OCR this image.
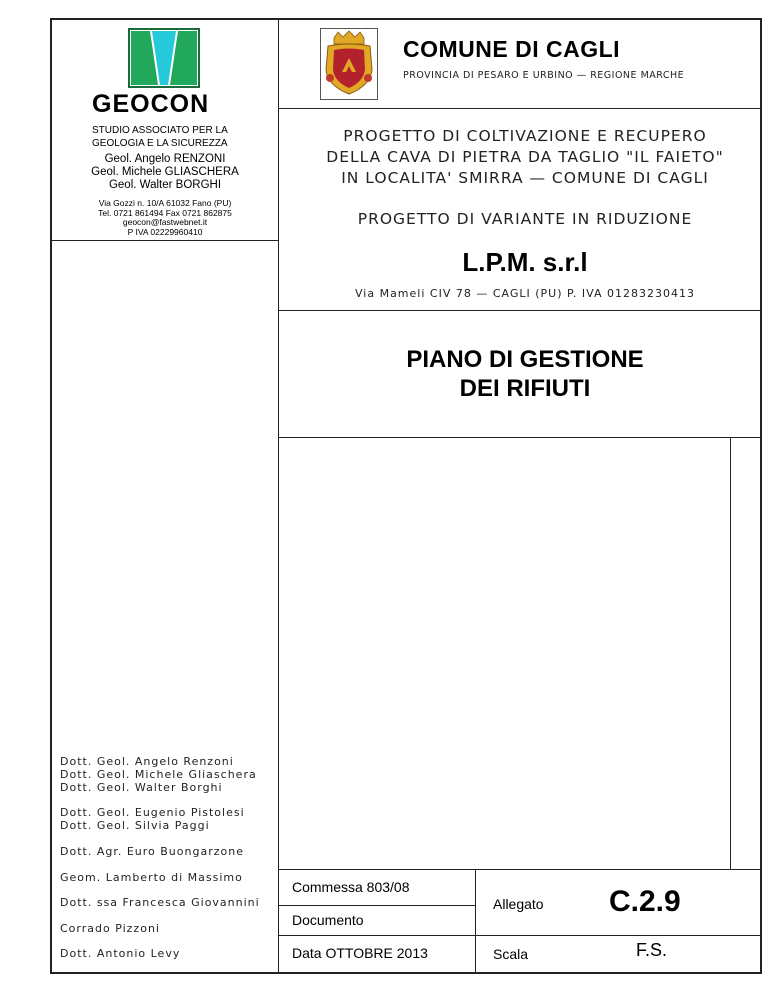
GEOCON
STUDIO ASSOCIATO PER LA
GEOLOGIA E LA SICUREZZA
Geol. Angelo RENZONI
Geol. Michele GLIASCHERA
Geol. Walter BORGHI
Via Gozzi n. 10/A 61032 Fano (PU)
Tel. 0721 861494 Fax 0721 862875
geocon@fastwebnet.it
P IVA 02229960410
COMUNE DI CAGLI
PROVINCIA DI PESARO E URBINO — REGIONE MARCHE
PROGETTO DI COLTIVAZIONE E RECUPERO
DELLA CAVA DI PIETRA DA TAGLIO "IL FAIETO"
IN LOCALITA' SMIRRA — COMUNE DI CAGLI
PROGETTO DI VARIANTE IN RIDUZIONE
L.P.M. s.r.l
Via Mameli CIV 78 — CAGLI (PU) P. IVA 01283230413
PIANO DI GESTIONE
DEI RIFIUTI
Dott. Geol. Angelo Renzoni
Dott. Geol. Michele Gliaschera
Dott. Geol. Walter Borghi
Dott. Geol. Eugenio Pistolesi
Dott. Geol. Silvia Paggi
Dott. Agr. Euro Buongarzone
Geom. Lamberto di Massimo
Dott. ssa Francesca Giovannini
Corrado Pizzoni
Dott. Antonio Levy
Commessa 803/08
Documento
Data OTTOBRE 2013
Allegato C.2.9
Scala	F.S.
